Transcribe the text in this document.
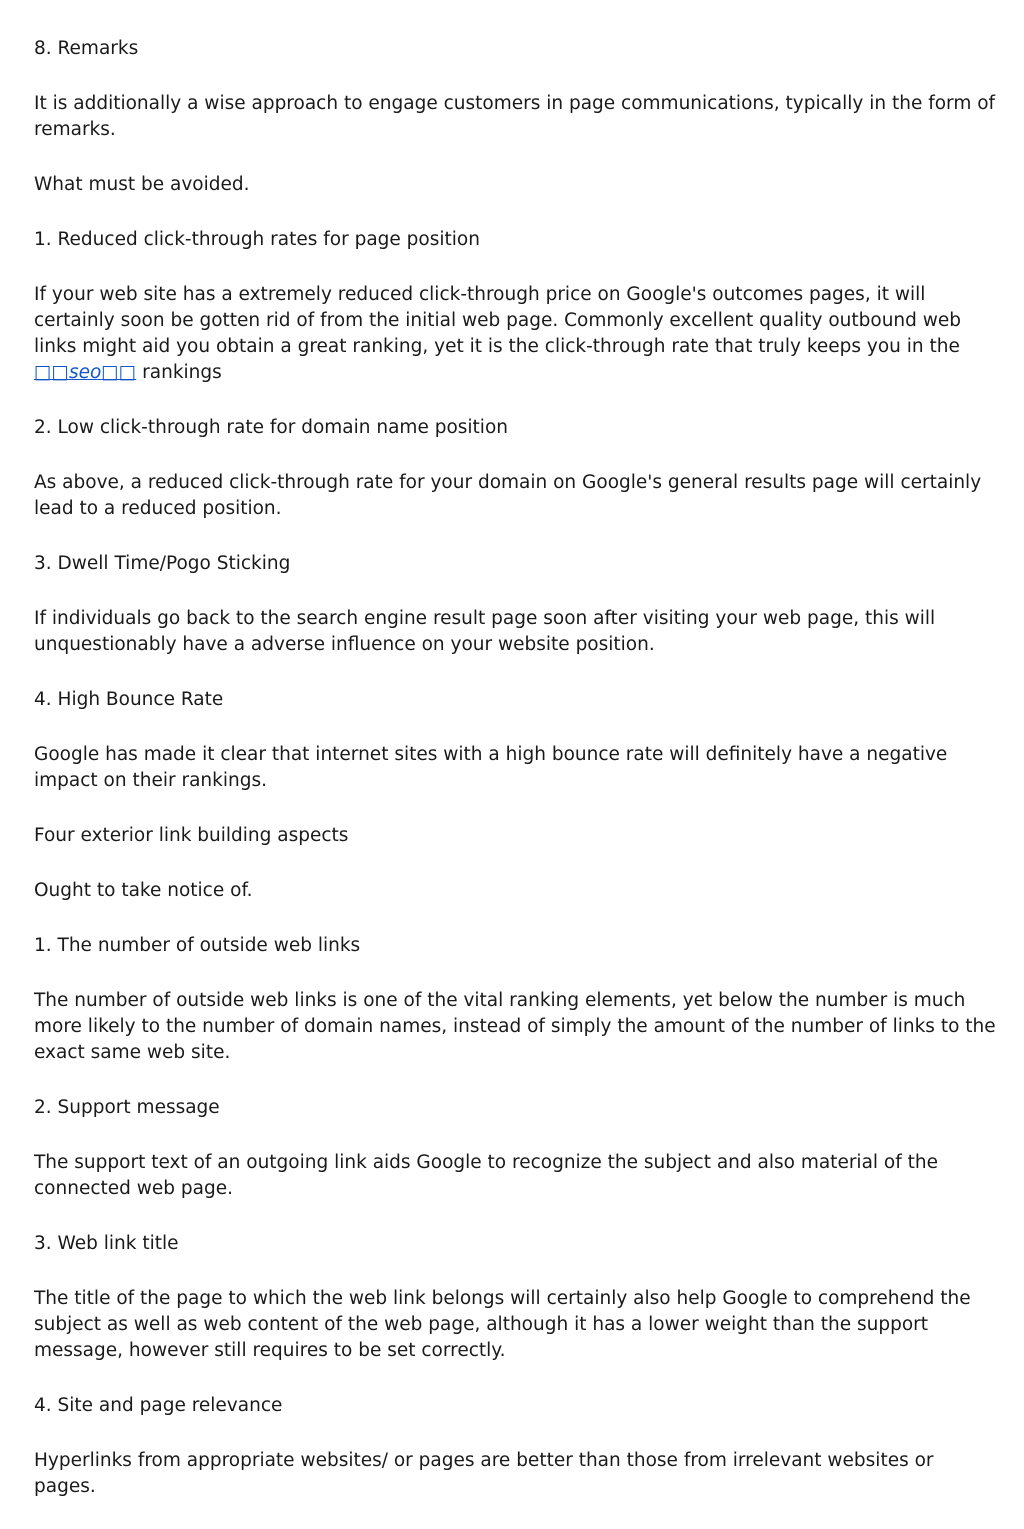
8. Remarks

It is additionally a wise approach to engage customers in page communications, typically in the form of remarks.

What must be avoided.

1. Reduced click-through rates for page position

If your web site has a extremely reduced click-through price on Google's outcomes pages, it will certainly soon be gotten rid of from the initial web page. Commonly excellent quality outbound web links might aid you obtain a great ranking, yet it is the click-through rate that truly keeps you in the □□seo□□ rankings

2. Low click-through rate for domain name position

As above, a reduced click-through rate for your domain on Google's general results page will certainly lead to a reduced position.

3. Dwell Time/Pogo Sticking

If individuals go back to the search engine result page soon after visiting your web page, this will unquestionably have a adverse influence on your website position.

4. High Bounce Rate

Google has made it clear that internet sites with a high bounce rate will definitely have a negative impact on their rankings.

Four exterior link building aspects

Ought to take notice of.

1. The number of outside web links

The number of outside web links is one of the vital ranking elements, yet below the number is much more likely to the number of domain names, instead of simply the amount of the number of links to the exact same web site.

2. Support message

The support text of an outgoing link aids Google to recognize the subject and also material of the connected web page.

3. Web link title

The title of the page to which the web link belongs will certainly also help Google to comprehend the subject as well as web content of the web page, although it has a lower weight than the support message, however still requires to be set correctly.

4. Site and page relevance

Hyperlinks from appropriate websites/ or pages are better than those from irrelevant websites or pages.
